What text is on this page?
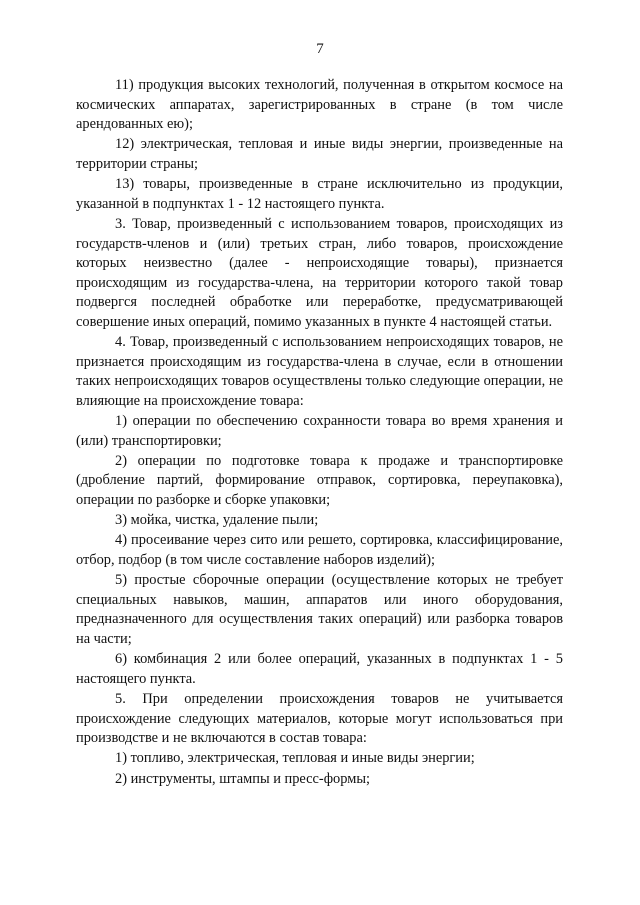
7

11) продукция высоких технологий, полученная в открытом космосе на космических аппаратах, зарегистрированных в стране (в том числе арендованных ею);

12) электрическая, тепловая и иные виды энергии, произведенные на территории страны;

13) товары, произведенные в стране исключительно из продукции, указанной в подпунктах 1 - 12 настоящего пункта.

3. Товар, произведенный с использованием товаров, происходящих из государств-членов и (или) третьих стран, либо товаров, происхождение которых неизвестно (далее - непроисходящие товары), признается происходящим из государства-члена, на территории которого такой товар подвергся последней обработке или переработке, предусматривающей совершение иных операций, помимо указанных в пункте 4 настоящей статьи.

4. Товар, произведенный с использованием непроисходящих товаров, не признается происходящим из государства-члена в случае, если в отношении таких непроисходящих товаров осуществлены только следующие операции, не влияющие на происхождение товара:

1) операции по обеспечению сохранности товара во время хранения и (или) транспортировки;

2) операции по подготовке товара к продаже и транспортировке (дробление партий, формирование отправок, сортировка, переупаковка), операции по разборке и сборке упаковки;

3) мойка, чистка, удаление пыли;

4) просеивание через сито или решето, сортировка, классифицирование, отбор, подбор (в том числе составление наборов изделий);

5) простые сборочные операции (осуществление которых не требует специальных навыков, машин, аппаратов или иного оборудования, предназначенного для осуществления таких операций) или разборка товаров на части;

6) комбинация 2 или более операций, указанных в подпунктах 1 - 5 настоящего пункта.

5. При определении происхождения товаров не учитывается происхождение следующих материалов, которые могут использоваться при производстве и не включаются в состав товара:

1) топливо, электрическая, тепловая и иные виды энергии;

2) инструменты, штампы и пресс-формы;
